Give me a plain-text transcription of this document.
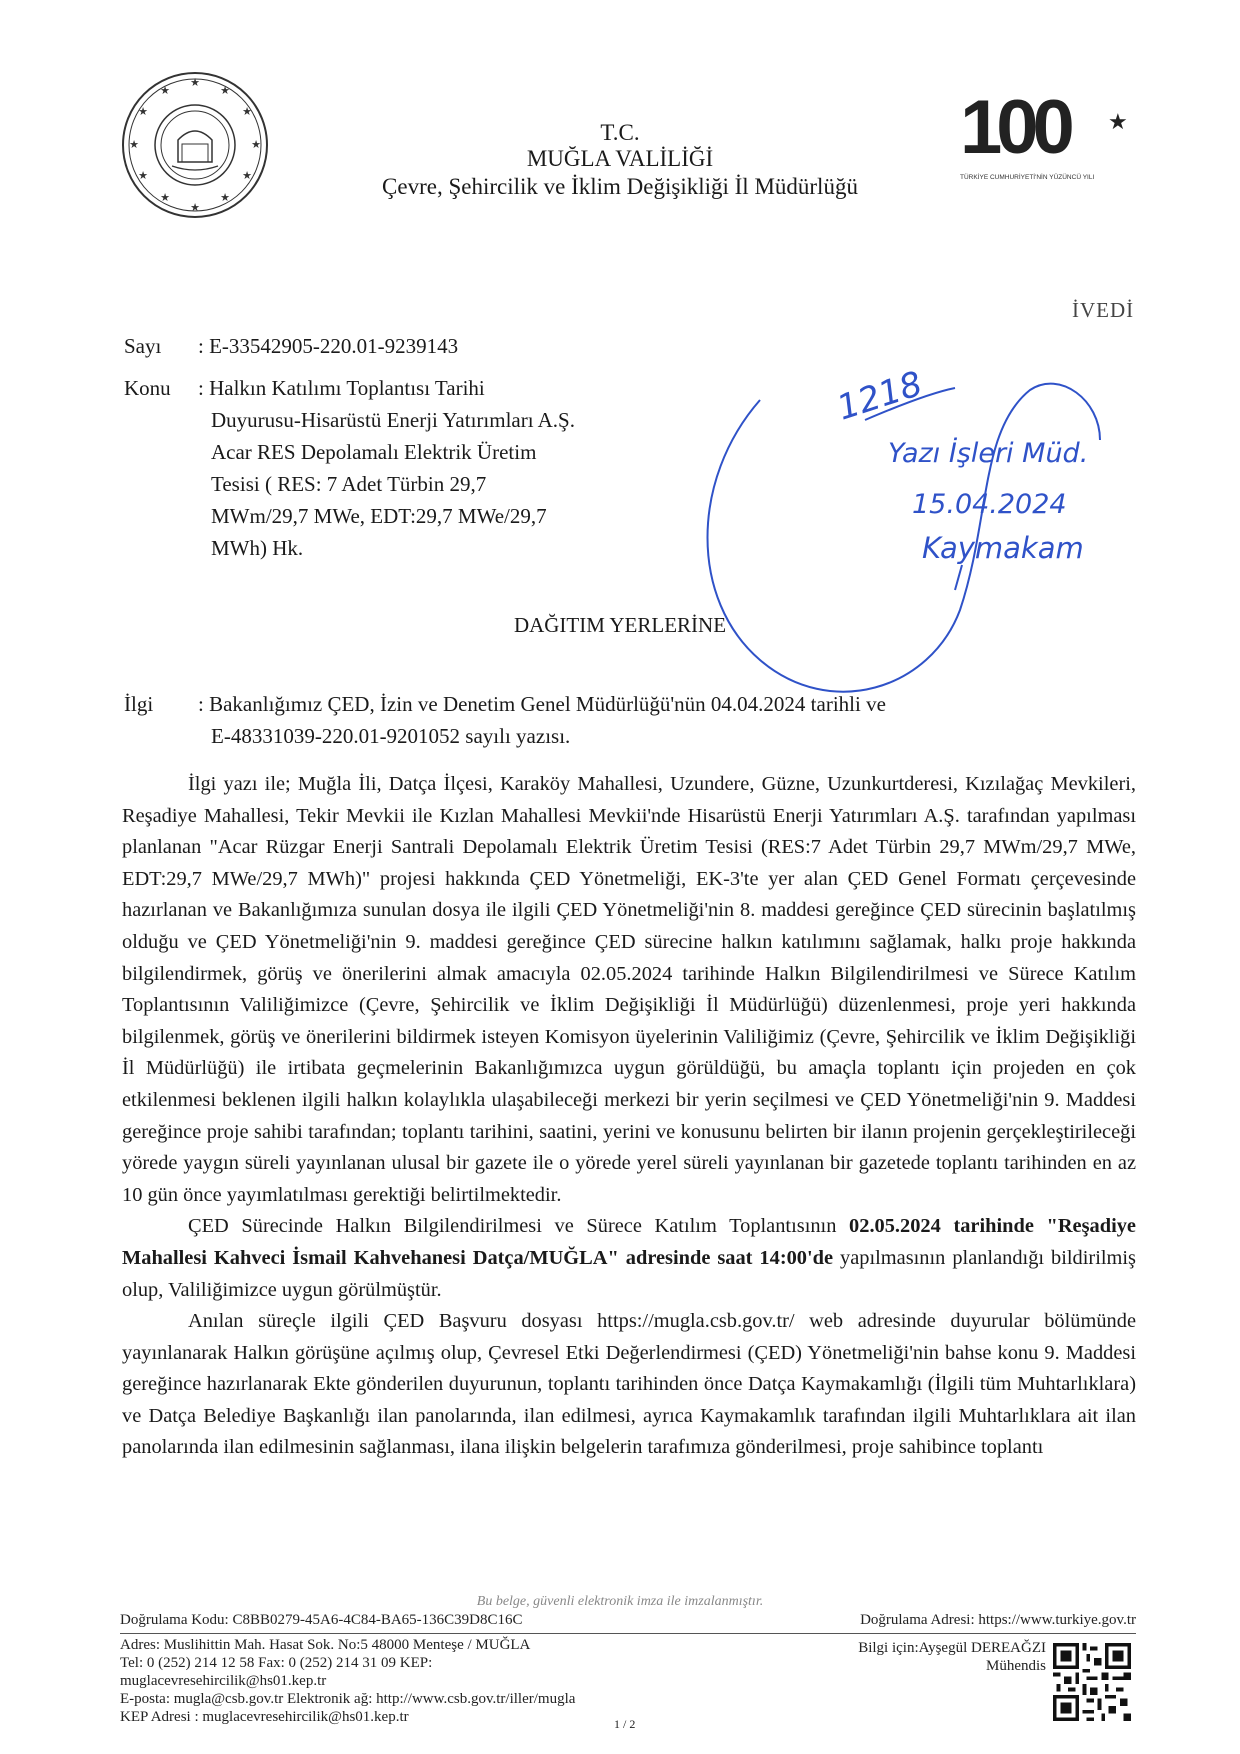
★
★
★
★
★
★
★
★
★
★
★
★
T.C.
MUĞLA VALİLİĞİ
Çevre, Şehircilik ve İklim Değişikliği İl Müdürlüğü
100 ★
TÜRKİYE CUMHURİYETİ'NİN YÜZÜNCÜ YILI
İVEDİ
Sayı : E-33542905-220.01-9239143
Konu : Halkın Katılımı Toplantısı Tarihi
Duyurusu-Hisarüstü Enerji Yatırımları A.Ş.
Acar RES Depolamalı Elektrik Üretim
Tesisi ( RES: 7 Adet Türbin 29,7
MWm/29,7 MWe, EDT:29,7 MWe/29,7
MWh) Hk.
1218
Yazı İşleri Müd.
15.04.2024
Kaymakam
DAĞITIM YERLERİNE
İlgi : Bakanlığımız ÇED, İzin ve Denetim Genel Müdürlüğü'nün 04.04.2024 tarihli ve
E-48331039-220.01-9201052 sayılı yazısı.

İlgi yazı ile; Muğla İli, Datça İlçesi, Karaköy Mahallesi, Uzundere, Güzne, Uzunkurtderesi, Kızılağaç Mevkileri, Reşadiye Mahallesi, Tekir Mevkii ile Kızlan Mahallesi Mevkii'nde Hisarüstü Enerji Yatırımları A.Ş. tarafından yapılması planlanan "Acar Rüzgar Enerji Santrali Depolamalı Elektrik Üretim Tesisi (RES:7 Adet Türbin 29,7 MWm/29,7 MWe, EDT:29,7 MWe/29,7 MWh)" projesi hakkında ÇED Yönetmeliği, EK-3'te yer alan ÇED Genel Formatı çerçevesinde hazırlanan ve Bakanlığımıza sunulan dosya ile ilgili ÇED Yönetmeliği'nin 8. maddesi gereğince ÇED sürecinin başlatılmış olduğu ve ÇED Yönetmeliği'nin 9. maddesi gereğince ÇED sürecine halkın katılımını sağlamak, halkı proje hakkında bilgilendirmek, görüş ve önerilerini almak amacıyla 02.05.2024 tarihinde Halkın Bilgilendirilmesi ve Sürece Katılım Toplantısının Valiliğimizce (Çevre, Şehircilik ve İklim Değişikliği İl Müdürlüğü) düzenlenmesi, proje yeri hakkında bilgilenmek, görüş ve önerilerini bildirmek isteyen Komisyon üyelerinin Valiliğimiz (Çevre, Şehircilik ve İklim Değişikliği İl Müdürlüğü) ile irtibata geçmelerinin Bakanlığımızca uygun görüldüğü, bu amaçla toplantı için projeden en çok etkilenmesi beklenen ilgili halkın kolaylıkla ulaşabileceği merkezi bir yerin seçilmesi ve ÇED Yönetmeliği'nin 9. Maddesi gereğince proje sahibi tarafından; toplantı tarihini, saatini, yerini ve konusunu belirten bir ilanın projenin gerçekleştirileceği yörede yaygın süreli yayınlanan ulusal bir gazete ile o yörede yerel süreli yayınlanan bir gazetede toplantı tarihinden en az 10 gün önce yayımlatılması gerektiği belirtilmektedir.

ÇED Sürecinde Halkın Bilgilendirilmesi ve Sürece Katılım Toplantısının 02.05.2024 tarihinde "Reşadiye Mahallesi Kahveci İsmail Kahvehanesi Datça/MUĞLA" adresinde saat 14:00'de yapılmasının planlandığı bildirilmiş olup, Valiliğimizce uygun görülmüştür.

Anılan süreçle ilgili ÇED Başvuru dosyası https://mugla.csb.gov.tr/ web adresinde duyurular bölümünde yayınlanarak Halkın görüşüne açılmış olup, Çevresel Etki Değerlendirmesi (ÇED) Yönetmeliği'nin bahse konu 9. Maddesi gereğince hazırlanarak Ekte gönderilen duyurunun, toplantı tarihinden önce Datça Kaymakamlığı (İlgili tüm Muhtarlıklara) ve Datça Belediye Başkanlığı ilan panolarında, ilan edilmesi, ayrıca Kaymakamlık tarafından ilgili Muhtarlıklara ait ilan panolarında ilan edilmesinin sağlanması, ilana ilişkin belgelerin tarafımıza gönderilmesi, proje sahibince toplantı

Bu belge, güvenli elektronik imza ile imzalanmıştır.
Doğrulama Kodu: C8BB0279-45A6-4C84-BA65-136C39D8C16C	Doğrulama Adresi: https://www.turkiye.gov.tr
Adres: Muslihittin Mah. Hasat Sok. No:5 48000 Menteşe / MUĞLA
Tel: 0 (252) 214 12 58 Fax: 0 (252) 214 31 09 KEP:
muglacevresehircilik@hs01.kep.tr
E-posta: mugla@csb.gov.tr Elektronik ağ: http://www.csb.gov.tr/iller/mugla
KEP Adresi : muglacevresehircilik@hs01.kep.tr	1 / 2
Bilgi için:Ayşegül DEREAĞZI
Mühendis
